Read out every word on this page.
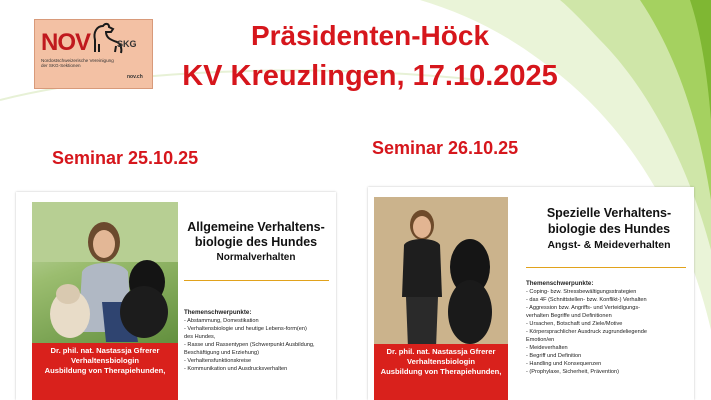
NOV	SKG
Nordostschweizerische Vereinigung der SKG-Sektionen
nov.ch
Präsidenten-Höck
KV Kreuzlingen, 17.10.2025
Seminar 25.10.25	Seminar 26.10.25
Dr. phil. nat. Nastassja Gfrerer
Verhaltensbiologin
Ausbildung von Therapiehunden,
Allgemeine Verhaltens-
biologie des Hundes
Normalverhalten
Themenschwerpunkte:
- Abstammung, Domestikation
- Verhaltensbiologie und heutige Lebens-form(en)
des Hundes,
- Rasse und Rassentypen (Schwerpunkt Ausbildung,
Beschäftigung und Erziehung)
- Verhaltensfunktionskreise
- Kommunikation und Ausdrucksverhalten
Dr. phil. nat. Nastassja Gfrerer
Verhaltensbiologin
Ausbildung von Therapiehunden,
Spezielle Verhaltens-
biologie des Hundes
Angst- & Meideverhalten
Themenschwerpunkte:
- Coping- bzw. Stressbewältigungsstrategien
- das 4F (Schnittstellen- bzw. Konflikt-) Verhalten
- Aggression bzw. Angriffs- und Verteidigungs-
verhalten Begriffe und Definitionen
- Ursachen, Botschaft und Ziele/Motive
- Körpersprachlicher Ausdruck zugrundeliegende
Emotion/en
- Meideverhalten
- Begriff und Definition
- Handling und Konsequenzen
- (Prophylaxe, Sicherheit, Prävention)
